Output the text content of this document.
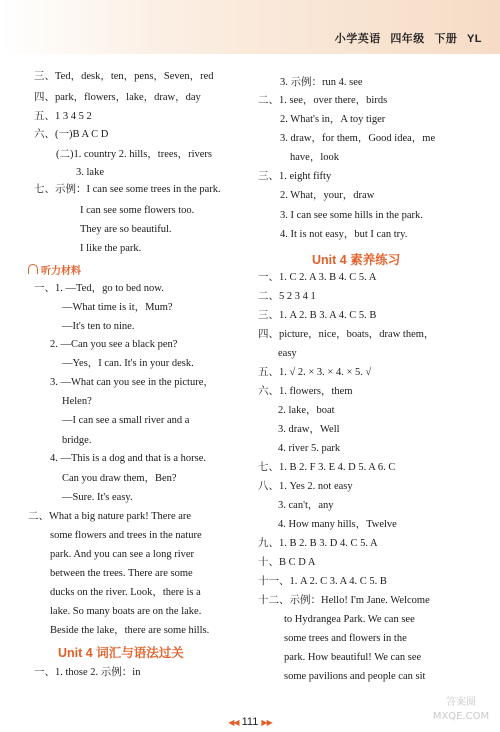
小学英语 四年级 下册 YL
三、Ted，desk，ten，pens，Seven，red
四、park，flowers，lake，draw，day
五、1 3 4 5 2
六、(一)B A C D
(二)1. country 2. hills，trees，rivers
3. lake
七、示例：I can see some trees in the park.
I can see some flowers too.
They are so beautiful.
I like the park.
听力材料
一、1. —Ted，go to bed now.
—What time is it，Mum?
—It's ten to nine.
2. —Can you see a black pen?
—Yes，I can. It's in your desk.
3. —What can you see in the picture，
Helen?
—I can see a small river and a
bridge.
4. —This is a dog and that is a horse.
Can you draw them，Ben?
—Sure. It's easy.
二、What a big nature park! There are
some flowers and trees in the nature
park. And you can see a long river
between the trees. There are some
ducks on the river. Look，there is a
lake. So many boats are on the lake.
Beside the lake，there are some hills.
Unit 4 词汇与语法过关
一、1. those 2. 示例：in
3. 示例：run 4. see
二、1. see，over there，birds
2. What's in，A toy tiger
3. draw，for them，Good idea，me
have，look
三、1. eight fifty
2. What，your，draw
3. I can see some hills in the park.
4. It is not easy，but I can try.
Unit 4 素养练习
一、1. C 2. A 3. B 4. C 5. A
二、5 2 3 4 1
三、1. A 2. B 3. A 4. C 5. B
四、picture，nice，boats，draw them，
easy
五、1. √ 2. × 3. × 4. × 5. √
六、1. flowers，them
2. lake，boat
3. draw，Well
4. river 5. park
七、1. B 2. F 3. E 4. D 5. A 6. C
八、1. Yes 2. not easy
3. can't，any
4. How many hills，Twelve
九、1. B 2. B 3. D 4. C 5. A
十、B C D A
十一、1. A 2. C 3. A 4. C 5. B
十二、示例：Hello! I'm Jane. Welcome
to Hydrangea Park. We can see
some trees and flowers in the
park. How beautiful! We can see
some pavilions and people can sit
◀◀ 111 ▶▶
答案圈 MXQE.COM
